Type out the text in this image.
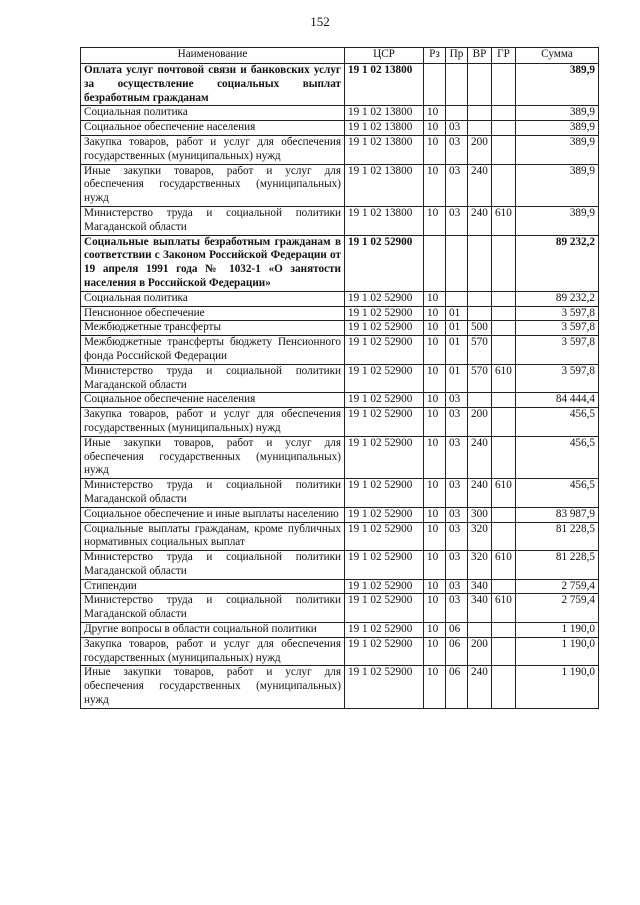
152
Наименование	ЦСР	Рз	Пр	ВР	ГР	Сумма
Оплата услуг почтовой связи и банковских услуг за осуществление социальных выплат безработным гражданам	19 1 02 13800					389,9
Социальная политика	19 1 02 13800	10				389,9
Социальное обеспечение населения	19 1 02 13800	10	03			389,9
Закупка товаров, работ и услуг для обеспечения государственных (муниципальных) нужд	19 1 02 13800	10	03	200		389,9
Иные закупки товаров, работ и услуг для обеспечения государственных (муниципальных) нужд	19 1 02 13800	10	03	240		389,9
Министерство труда и социальной политики Магаданской области	19 1 02 13800	10	03	240	610	389,9
Социальные выплаты безработным гражданам в соответствии с Законом Российской Федерации от 19 апреля 1991 года № 1032-1 «О занятости населения в Российской Федерации»	19 1 02 52900					89 232,2
Социальная политика	19 1 02 52900	10				89 232,2
Пенсионное обеспечение	19 1 02 52900	10	01			3 597,8
Межбюджетные трансферты	19 1 02 52900	10	01	500		3 597,8
Межбюджетные трансферты бюджету Пенсионного фонда Российской Федерации	19 1 02 52900	10	01	570		3 597,8
Министерство труда и социальной политики Магаданской области	19 1 02 52900	10	01	570	610	3 597,8
Социальное обеспечение населения	19 1 02 52900	10	03			84 444,4
Закупка товаров, работ и услуг для обеспечения государственных (муниципальных) нужд	19 1 02 52900	10	03	200		456,5
Иные закупки товаров, работ и услуг для обеспечения государственных (муниципальных) нужд	19 1 02 52900	10	03	240		456,5
Министерство труда и социальной политики Магаданской области	19 1 02 52900	10	03	240	610	456,5
Социальное обеспечение и иные выплаты населению	19 1 02 52900	10	03	300		83 987,9
Социальные выплаты гражданам, кроме публичных нормативных социальных выплат	19 1 02 52900	10	03	320		81 228,5
Министерство труда и социальной политики Магаданской области	19 1 02 52900	10	03	320	610	81 228,5
Стипендии	19 1 02 52900	10	03	340		2 759,4
Министерство труда и социальной политики Магаданской области	19 1 02 52900	10	03	340	610	2 759,4
Другие вопросы в области социальной политики	19 1 02 52900	10	06			1 190,0
Закупка товаров, работ и услуг для обеспечения государственных (муниципальных) нужд	19 1 02 52900	10	06	200		1 190,0
Иные закупки товаров, работ и услуг для обеспечения государственных (муниципальных) нужд	19 1 02 52900	10	06	240		1 190,0
